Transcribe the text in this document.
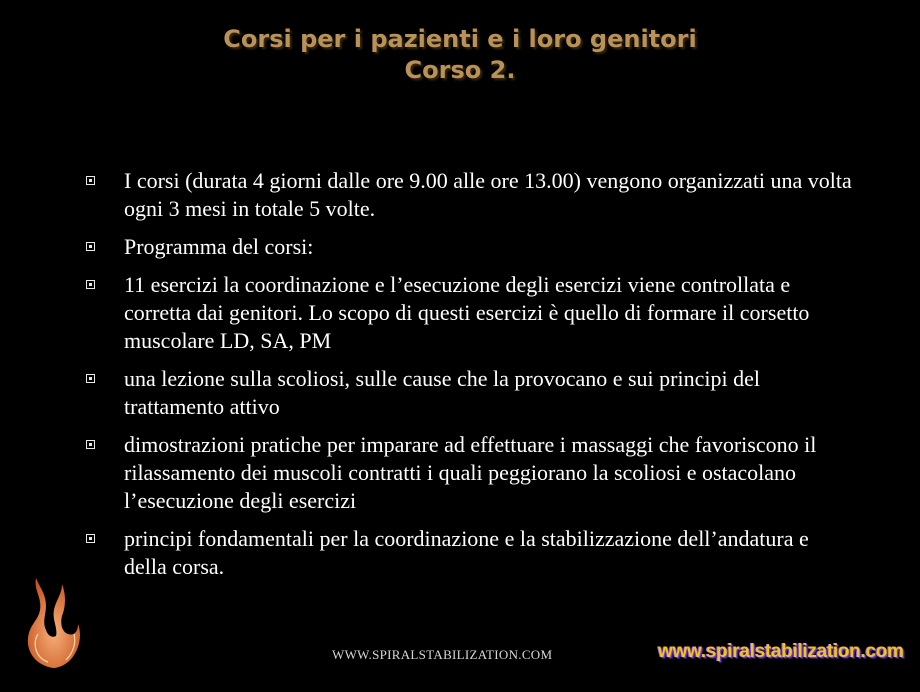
Corsi per i pazienti e i loro genitori
Corso 2.
I corsi (durata 4 giorni dalle ore 9.00 alle ore 13.00) vengono organizzati una volta ogni 3 mesi in totale 5 volte.
Programma del corsi:
11 esercizi la coordinazione e l’esecuzione degli esercizi viene controllata e corretta dai genitori. Lo scopo di questi esercizi è quello di formare il corsetto muscolare LD, SA, PM
una lezione sulla scoliosi, sulle cause che la provocano e sui principi del trattamento attivo
dimostrazioni pratiche per imparare ad effettuare i massaggi che favoriscono il rilassamento dei muscoli contratti i quali peggiorano la scoliosi e ostacolano l’esecuzione degli esercizi
principi fondamentali per la coordinazione e la stabilizzazione dell’andatura e della corsa.
WWW.SPIRALSTABILIZATION.COM	www.spiralstabilization.com
